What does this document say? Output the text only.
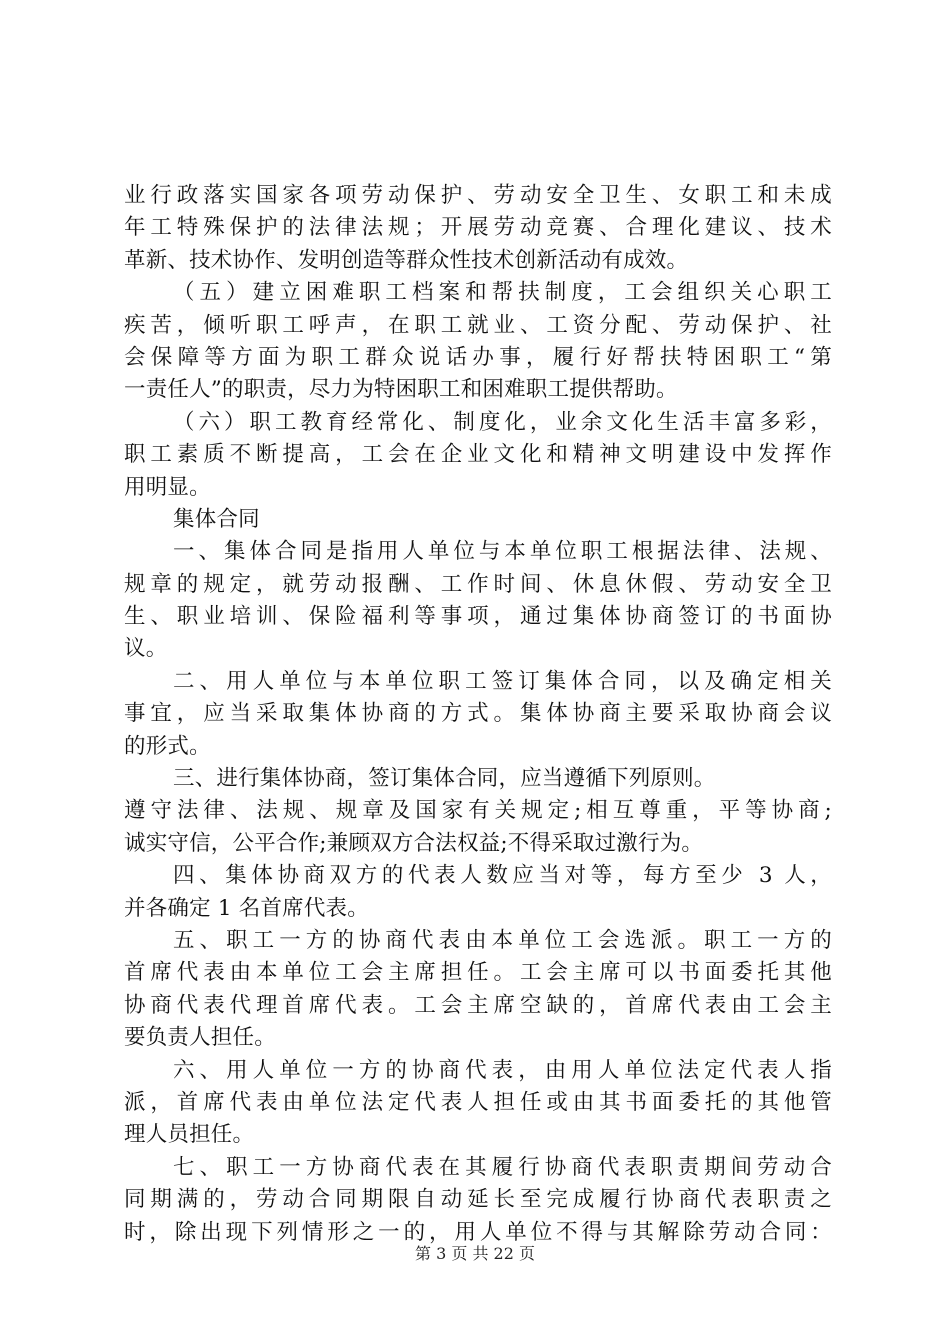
业行政落实国家各项劳动保护、劳动安全卫生、女职工和未成
年工特殊保护的法律法规；开展劳动竞赛、合理化建议、技术
革新、技术协作、发明创造等群众性技术创新活动有成效。
（五）建立困难职工档案和帮扶制度，工会组织关心职工
疾苦，倾听职工呼声，在职工就业、工资分配、劳动保护、社
会保障等方面为职工群众说话办事，履行好帮扶特困职工“第
一责任人”的职责，尽力为特困职工和困难职工提供帮助。
（六）职工教育经常化、制度化，业余文化生活丰富多彩，
职工素质不断提高，工会在企业文化和精神文明建设中发挥作
用明显。
集体合同
一、集体合同是指用人单位与本单位职工根据法律、法规、
规章的规定，就劳动报酬、工作时间、休息休假、劳动安全卫
生、职业培训、保险福利等事项，通过集体协商签订的书面协
议。
二、用人单位与本单位职工签订集体合同，以及确定相关
事宜，应当采取集体协商的方式。集体协商主要采取协商会议
的形式。
三、进行集体协商，签订集体合同，应当遵循下列原则。
遵守法律、法规、规章及国家有关规定;相互尊重，平等协商;
诚实守信，公平合作;兼顾双方合法权益;不得采取过激行为。
四、集体协商双方的代表人数应当对等，每方至少 3 人，
并各确定 1 名首席代表。
五、职工一方的协商代表由本单位工会选派。职工一方的
首席代表由本单位工会主席担任。工会主席可以书面委托其他
协商代表代理首席代表。工会主席空缺的，首席代表由工会主
要负责人担任。
六、用人单位一方的协商代表，由用人单位法定代表人指
派，首席代表由单位法定代表人担任或由其书面委托的其他管
理人员担任。
七、职工一方协商代表在其履行协商代表职责期间劳动合
同期满的，劳动合同期限自动延长至完成履行协商代表职责之
时，除出现下列情形之一的，用人单位不得与其解除劳动合同：
第 3 页 共 22 页
